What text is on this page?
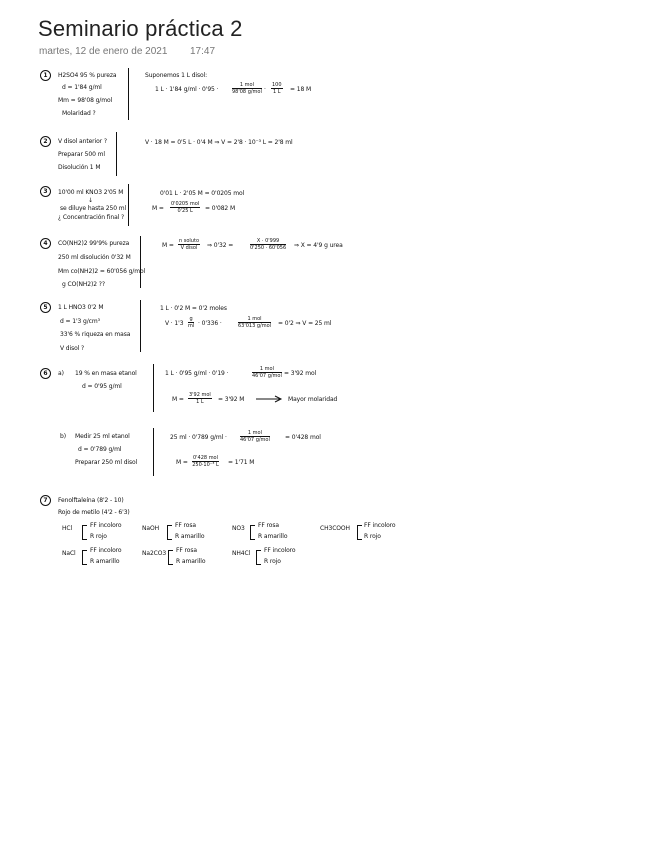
Seminario práctica 2
martes, 12 de enero de 2021 17:47
1	H2SO4 95 % pureza
d = 1'84 g/ml
Mm = 98'08 g/mol
Molaridad ?
Suponemos 1 L disol:
1 L · 1'84 g/ml · 0'95 ·
1 mol
98'08 $g/mol \cdot \frac{100}{1 L} = 18$ M
2	V disol anterior ?
Preparar 500 ml
Disolución 1 M
V · 18 M = 0'5 L · 0'4 M ⇒ V = 2'8 · 10⁻³ L = 2'8 ml
3	10'00 ml KNO3 2'05 M
↓
se diluye hasta 250 ml
¿ Concentración final ?
0'01 L · 2'05 M = 0'0205 mol
M =
0'0205 mol
0'25 L	= 0'082 M
4	CO(NH2)2 99'9% pureza
250 ml disolución 0'32 M
Mm co(NH2)2 = 60'056 g/mol
g CO(NH2)2 ??
M =
n soluto
V disol	⇒ 0'32 =	$\frac{X \cdot 0'999}{0'250 \cdot 60'056}$ ⇒ X = 4'9 g urea
5	1 L HNO3 0'2 M
d = 1'3 g/cm³
33'6 % riqueza en masa
V disol ?
1 L · 0'2 M = 0'2 moles
$V \cdot 1'3 \frac{g}{ml} \cdot 0'336$ ·
1 mol
63'013 g/mol = 0'2 ⇒ V = 25 ml
6	a) 19 % en masa etanol
d = 0'95 g/ml
1 L · 0'95 g/ml · 0'19 ·
1 mol
46'07 g/mol = 3'92 mol
M =
3'92 mol
1 L	= 3'92 M	Mayor molaridad
b) Medir 25 ml etanol
d = 0'789 g/ml
Preparar 250 ml disol
25 ml · 0'789 g/ml ·
1 mol
46'07 g/mol	= 0'428 mol
M =
0'428 mol
250·10⁻³ L = 1'71 M
7	Fenolftaleína (8'2 - 10)
Rojo de metilo (4'2 - 6'3)
HCl	FF incoloro
R rojo
NaOH	FF rosa
R amarillo
NO3 FF rosa
R amarillo
CH3COOH FF incoloro
R rojo
NaCl FF incoloro
R amarillo
Na2CO3 FF rosa
R amarillo
NH4Cl FF incoloro
R rojo
